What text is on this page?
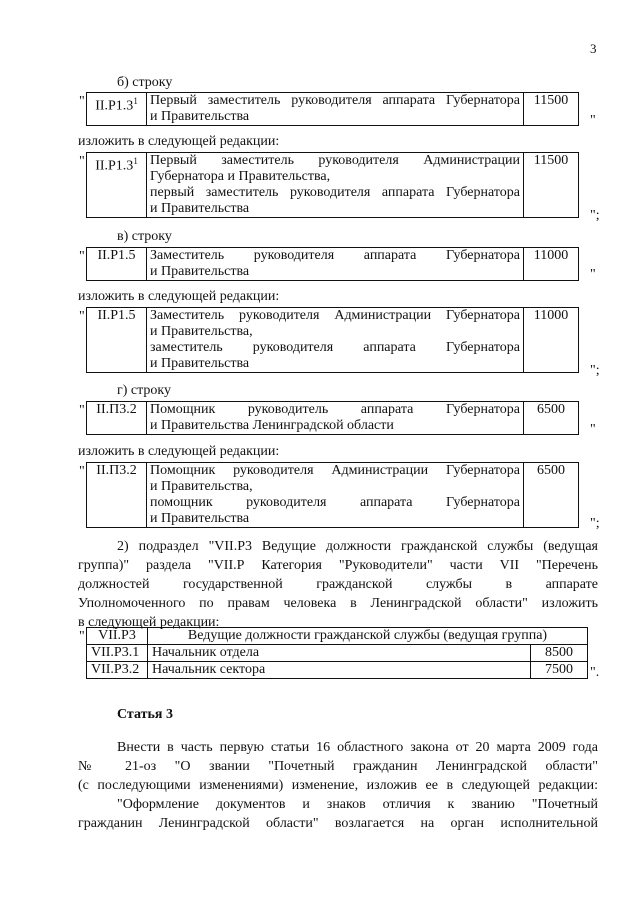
3
б) строку
" $II.Р1.3^1$	Первый заместитель руководителя аппарата Губернатора
и Правительства	11500
"
изложить в следующей редакции:
" $II.Р1.3^1$	Первый заместитель руководителя Администрации
Губернатора и Правительства,
первый заместитель руководителя аппарата Губернатора
и Правительства	11500
";
в) строку
" II.Р1.5	Заместитель руководителя аппарата Губернатора
и Правительства	11000
"
изложить в следующей редакции:
" II.Р1.5	Заместитель руководителя Администрации Губернатора
и Правительства,
заместитель руководителя аппарата Губернатора
и Правительства	11000
";
г) строку
" II.П3.2	Помощник руководитель аппарата Губернатора
и Правительства Ленинградской области	6500
"
изложить в следующей редакции:
" II.П3.2	Помощник руководителя Администрации Губернатора
и Правительства,
помощник руководителя аппарата Губернатора
и Правительства	6500
";
2) подраздел "VII.Р3 Ведущие должности гражданской службы (ведущая
группа)" раздела "VII.Р Категория "Руководители" части VII "Перечень
должностей государственной гражданской службы в аппарате
Уполномоченного по правам человека в Ленинградской области" изложить
в следующей редакции:
" VII.Р3	Ведущие должности гражданской службы (ведущая группа)	
VII.Р3.1	Начальник отдела	8500
VII.Р3.2	Начальник сектора	7500 ".
Статья 3
Внести в часть первую статьи 16 областного закона от 20 марта 2009 года
№ 21-оз "О звании "Почетный гражданин Ленинградской области"
(с последующими изменениями) изменение, изложив ее в следующей редакции:
"Оформление документов и знаков отличия к званию "Почетный
гражданин Ленинградской области" возлагается на орган исполнительной
